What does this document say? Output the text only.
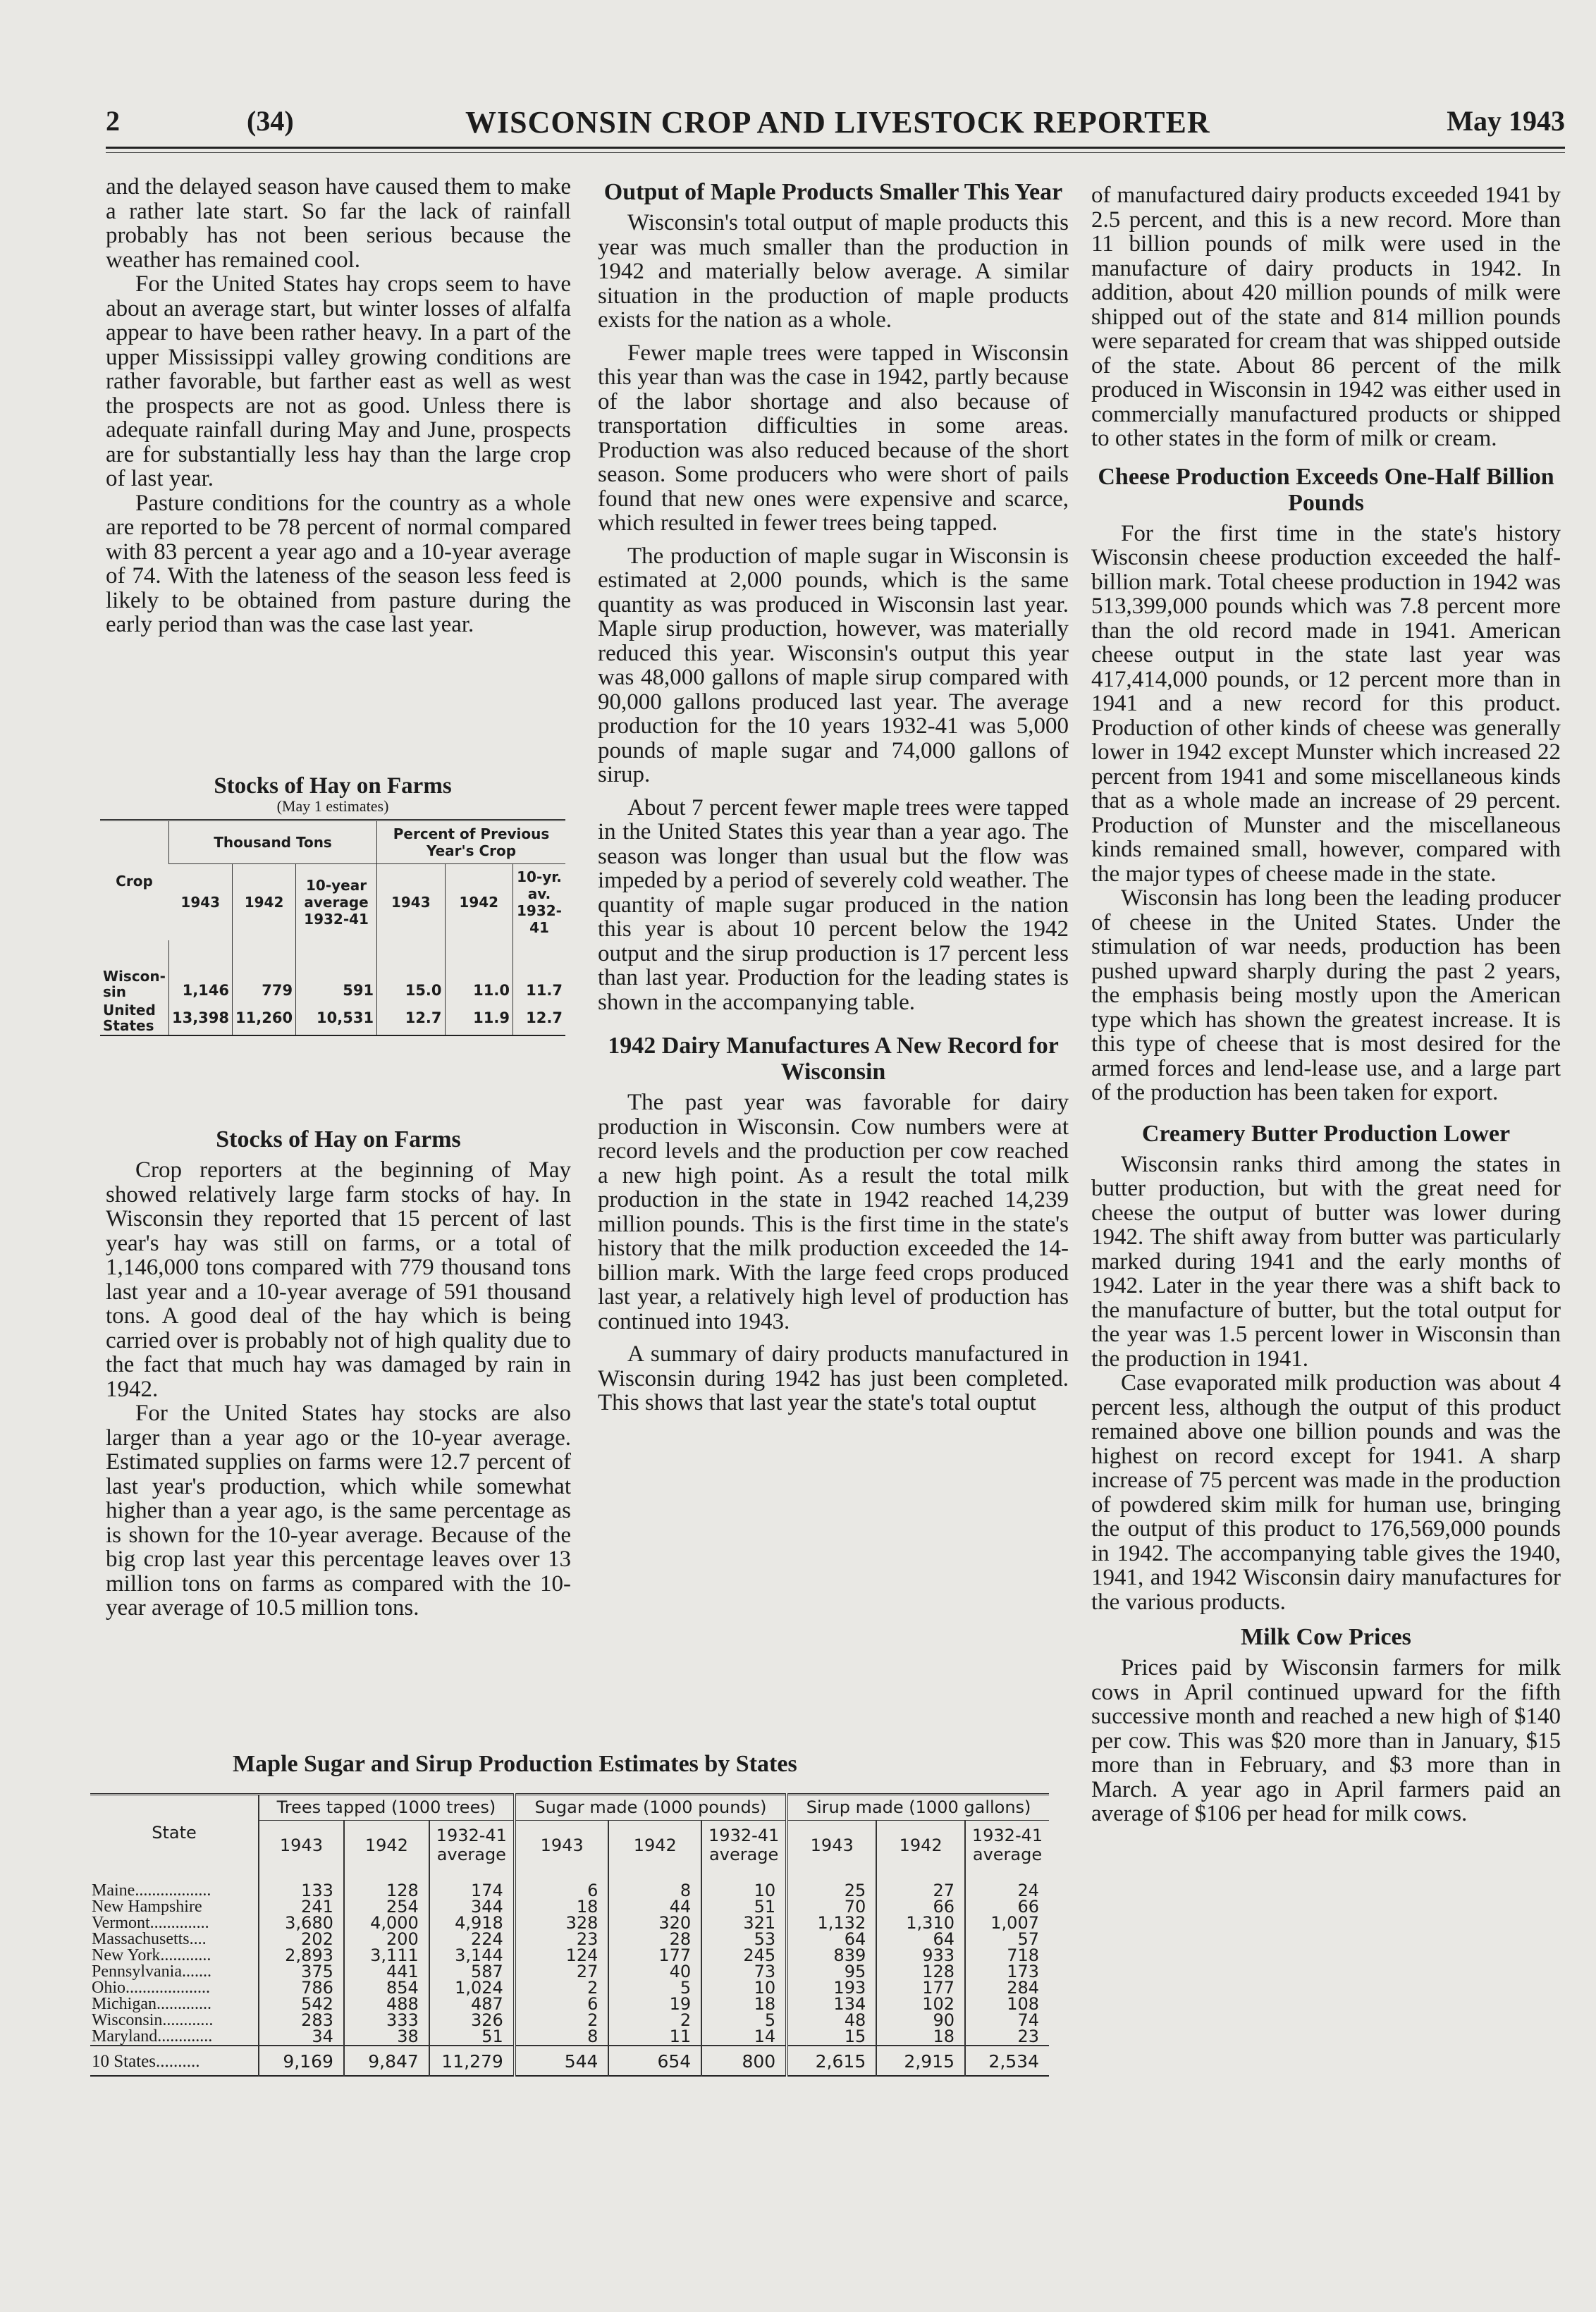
2	(34)	WISCONSIN CROP AND LIVESTOCK REPORTER	May 1943

and the delayed season have caused them to make a rather late start. So far the lack of rainfall probably has not been serious because the weather has remained cool.

For the United States hay crops seem to have about an average start, but winter losses of alfalfa appear to have been rather heavy. In a part of the upper Mississippi valley growing conditions are rather favorable, but farther east as well as west the prospects are not as good. Unless there is adequate rainfall during May and June, prospects are for substantially less hay than the large crop of last year.

Pasture conditions for the country as a whole are reported to be 78 percent of normal compared with 83 percent a year ago and a 10-year average of 74. With the lateness of the season less feed is likely to be obtained from pasture during the early period than was the case last year.

Stocks of Hay on Farms
(May 1 estimates)
Crop	Thousand Tons			Percent of Previous Year's Crop		
	1943	1942	10-year average 1932-41	1943	1942	10-yr. av. 1932-41
Wiscon- sin	1,146	779	591	15.0	11.0	11.7
United States	13,398	11,260	10,531	12.7	11.9	12.7
Stocks of Hay on Farms

Crop reporters at the beginning of May showed relatively large farm stocks of hay. In Wisconsin they reported that 15 percent of last year's hay was still on farms, or a total of 1,146,000 tons compared with 779 thousand tons last year and a 10-year average of 591 thousand tons. A good deal of the hay which is being carried over is probably not of high quality due to the fact that much hay was damaged by rain in 1942.

For the United States hay stocks are also larger than a year ago or the 10-year average. Estimated supplies on farms were 12.7 percent of last year's production, which while somewhat higher than a year ago, is the same percentage as is shown for the 10-year average. Because of the big crop last year this percentage leaves over 13 million tons on farms as compared with the 10-year average of 10.5 million tons.

Output of Maple Products Smaller This Year

Wisconsin's total output of maple products this year was much smaller than the production in 1942 and materially below average. A similar situation in the production of maple products exists for the nation as a whole.

Fewer maple trees were tapped in Wisconsin this year than was the case in 1942, partly because of the labor shortage and also because of transportation difficulties in some areas. Production was also reduced because of the short season. Some producers who were short of pails found that new ones were expensive and scarce, which resulted in fewer trees being tapped.

The production of maple sugar in Wisconsin is estimated at 2,000 pounds, which is the same quantity as was produced in Wisconsin last year. Maple sirup production, however, was materially reduced this year. Wisconsin's output this year was 48,000 gallons of maple sirup compared with 90,000 gallons produced last year. The average production for the 10 years 1932-41 was 5,000 pounds of maple sugar and 74,000 gallons of sirup.

About 7 percent fewer maple trees were tapped in the United States this year than a year ago. The season was longer than usual but the flow was impeded by a period of severely cold weather. The quantity of maple sugar produced in the nation this year is about 10 percent below the 1942 output and the sirup production is 17 percent less than last year. Production for the leading states is shown in the accompanying table.

1942 Dairy Manufactures A New Record for Wisconsin

The past year was favorable for dairy production in Wisconsin. Cow numbers were at record levels and the production per cow reached a new high point. As a result the total milk production in the state in 1942 reached 14,239 million pounds. This is the first time in the state's history that the milk production exceeded the 14-billion mark. With the large feed crops produced last year, a relatively high level of production has continued into 1943.

A summary of dairy products manufactured in Wisconsin during 1942 has just been completed. This shows that last year the state's total ouptut

of manufactured dairy products exceeded 1941 by 2.5 percent, and this is a new record. More than 11 billion pounds of milk were used in the manufacture of dairy products in 1942. In addition, about 420 million pounds of milk were shipped out of the state and 814 million pounds were separated for cream that was shipped outside of the state. About 86 percent of the milk produced in Wisconsin in 1942 was either used in commercially manufactured products or shipped to other states in the form of milk or cream.

Cheese Production Exceeds One-Half Billion Pounds

For the first time in the state's history Wisconsin cheese production exceeded the half-billion mark. Total cheese production in 1942 was 513,399,000 pounds which was 7.8 percent more than the old record made in 1941. American cheese output in the state last year was 417,414,000 pounds, or 12 percent more than in 1941 and a new record for this product. Production of other kinds of cheese was generally lower in 1942 except Munster which increased 22 percent from 1941 and some miscellaneous kinds that as a whole made an increase of 29 percent. Production of Munster and the miscellaneous kinds remained small, however, compared with the major types of cheese made in the state.

Wisconsin has long been the leading producer of cheese in the United States. Under the stimulation of war needs, production has been pushed upward sharply during the past 2 years, the emphasis being mostly upon the American type which has shown the greatest increase. It is this type of cheese that is most desired for the armed forces and lend-lease use, and a large part of the production has been taken for export.

Creamery Butter Production Lower

Wisconsin ranks third among the states in butter production, but with the great need for cheese the output of butter was lower during 1942. The shift away from butter was particularly marked during 1941 and the early months of 1942. Later in the year there was a shift back to the manufacture of butter, but the total output for the year was 1.5 percent lower in Wisconsin than the production in 1941.

Case evaporated milk production was about 4 percent less, although the output of this product remained above one billion pounds and was the highest on record except for 1941. A sharp increase of 75 percent was made in the production of powdered skim milk for human use, bringing the output of this product to 176,569,000 pounds in 1942. The accompanying table gives the 1940, 1941, and 1942 Wisconsin dairy manufactures for the various products.

Milk Cow Prices

Prices paid by Wisconsin farmers for milk cows in April continued upward for the fifth successive month and reached a new high of $140 per cow. This was $20 more than in January, $15 more than in February, and $3 more than in March. A year ago in April farmers paid an average of $106 per head for milk cows.

Maple Sugar and Sirup Production Estimates by States
State	Trees tapped (1000 trees)			Sugar made (1000 pounds)			Sirup made (1000 gallons)		
	1943	1942	1932-41 average	1943	1942	1932-41 average	1943	1942	1932-41 average
Maine..................	133	128	174	6	8	10	25	27	24
New Hampshire	241	254	344	18	44	51	70	66	66
Vermont..............	3,680	4,000	4,918	328	320	321	1,132	1,310	1,007
Massachusetts....	202	200	224	23	28	53	64	64	57
New York............	2,893	3,111	3,144	124	177	245	839	933	718
Pennsylvania.......	375	441	587	27	40	73	95	128	173
Ohio....................	786	854	1,024	2	5	10	193	177	284
Michigan.............	542	488	487	6	19	18	134	102	108
Wisconsin............	283	333	326	2	2	5	48	90	74
Maryland.............	34	38	51	8	11	14	15	18	23
10 States..........	9,169	9,847	11,279	544	654	800	2,615	2,915	2,534
